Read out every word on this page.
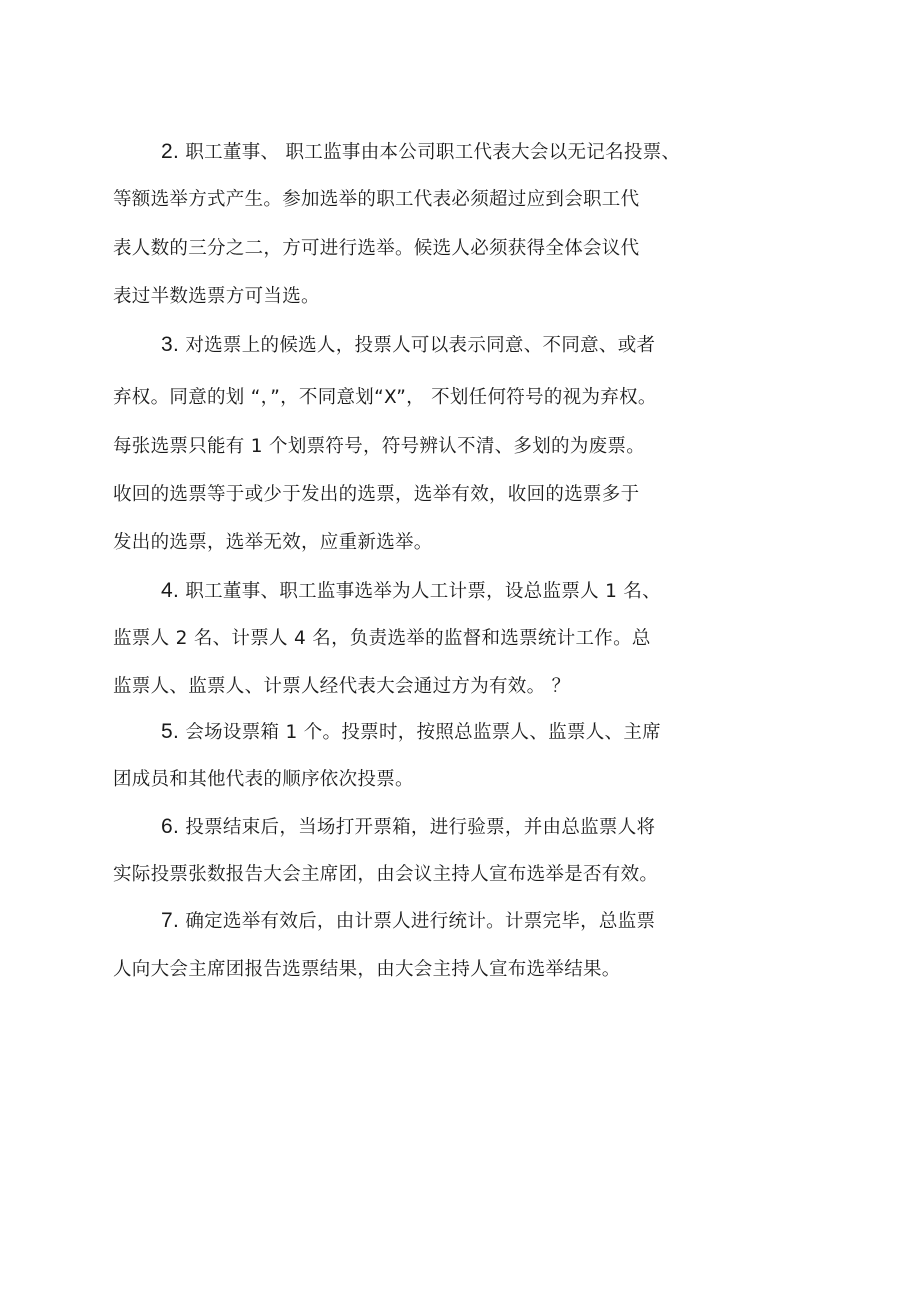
2. 职工董事、 职工监事由本公司职工代表大会以无记名投票、
等额选举方式产生。参加选举的职工代表必须超过应到会职工代
表人数的三分之二，方可进行选举。候选人必须获得全体会议代
表过半数选票方可当选。
3. 对选票上的候选人，投票人可以表示同意、不同意、或者
弃权。同意的划 “，”，不同意划“X”， 不划任何符号的视为弃权。
每张选票只能有 1 个划票符号，符号辨认不清、多划的为废票。
收回的选票等于或少于发出的选票，选举有效，收回的选票多于
发出的选票，选举无效，应重新选举。
4. 职工董事、职工监事选举为人工计票，设总监票人 1 名、
监票人 2 名、计票人 4 名，负责选举的监督和选票统计工作。总
监票人、监票人、计票人经代表大会通过方为有效。 ？
5. 会场设票箱 1 个。投票时，按照总监票人、监票人、主席
团成员和其他代表的顺序依次投票。
6. 投票结束后，当场打开票箱，进行验票，并由总监票人将
实际投票张数报告大会主席团，由会议主持人宣布选举是否有效。
7. 确定选举有效后，由计票人进行统计。计票完毕，总监票
人向大会主席团报告选票结果，由大会主持人宣布选举结果。
